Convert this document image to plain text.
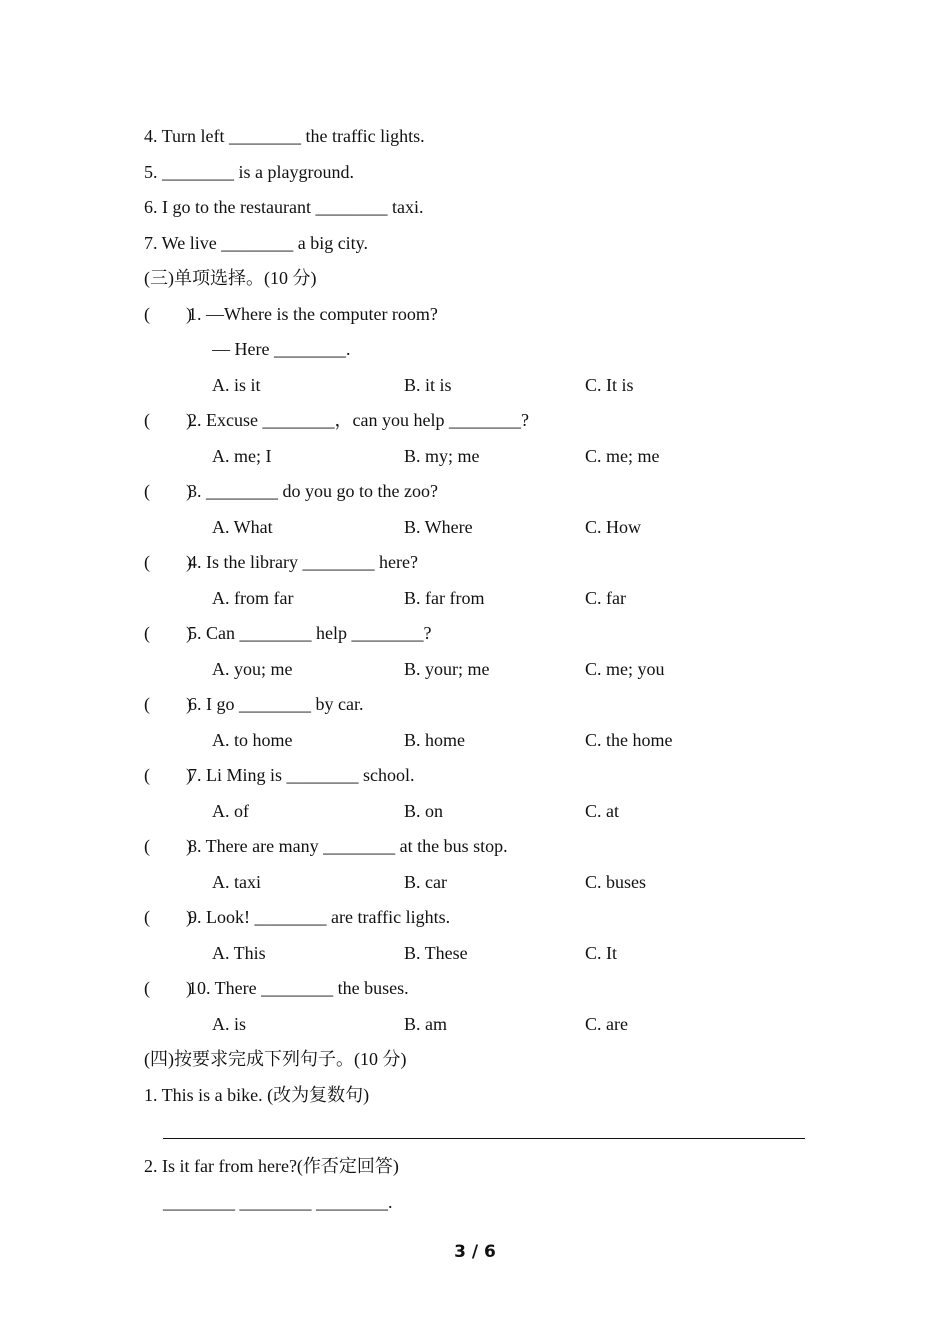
4. Turn left ________ the traffic lights.
5. ________ is a playground.
6. I go to the restaurant ________ taxi.
7. We live ________ a big city.
(三)单项选择。(10 分)
(        )
1. —Where is the computer room?
— Here ________.
A. is it	B. it is	C. It is
(        )
2. Excuse ________，can you help ________?
A. me; I	B. my; me	C. me; me
(        )
3. ________ do you go to the zoo?
A. What	B. Where	C. How
(        )
4. Is the library ________ here?
A. from far	B. far from	C. far
(        )
5. Can ________ help ________?
A. you; me	B. your; me	C. me; you
(        )
6. I go ________ by car.
A. to home	B. home	C. the home
(        )
7. Li Ming is ________ school.
A. of	B. on	C. at
(        )
8. There are many ________ at the bus stop.
A. taxi	B. car	C. buses
(        )
9. Look! ________ are traffic lights.
A. This	B. These	C. It
(        )
10. There ________ the buses.
A. is	B. am	C. are
(四)按要求完成下列句子。(10 分)
1. This is a bike. (改为复数句)
2. Is it far from here?(作否定回答)
________ ________ ________.
3 / 6
